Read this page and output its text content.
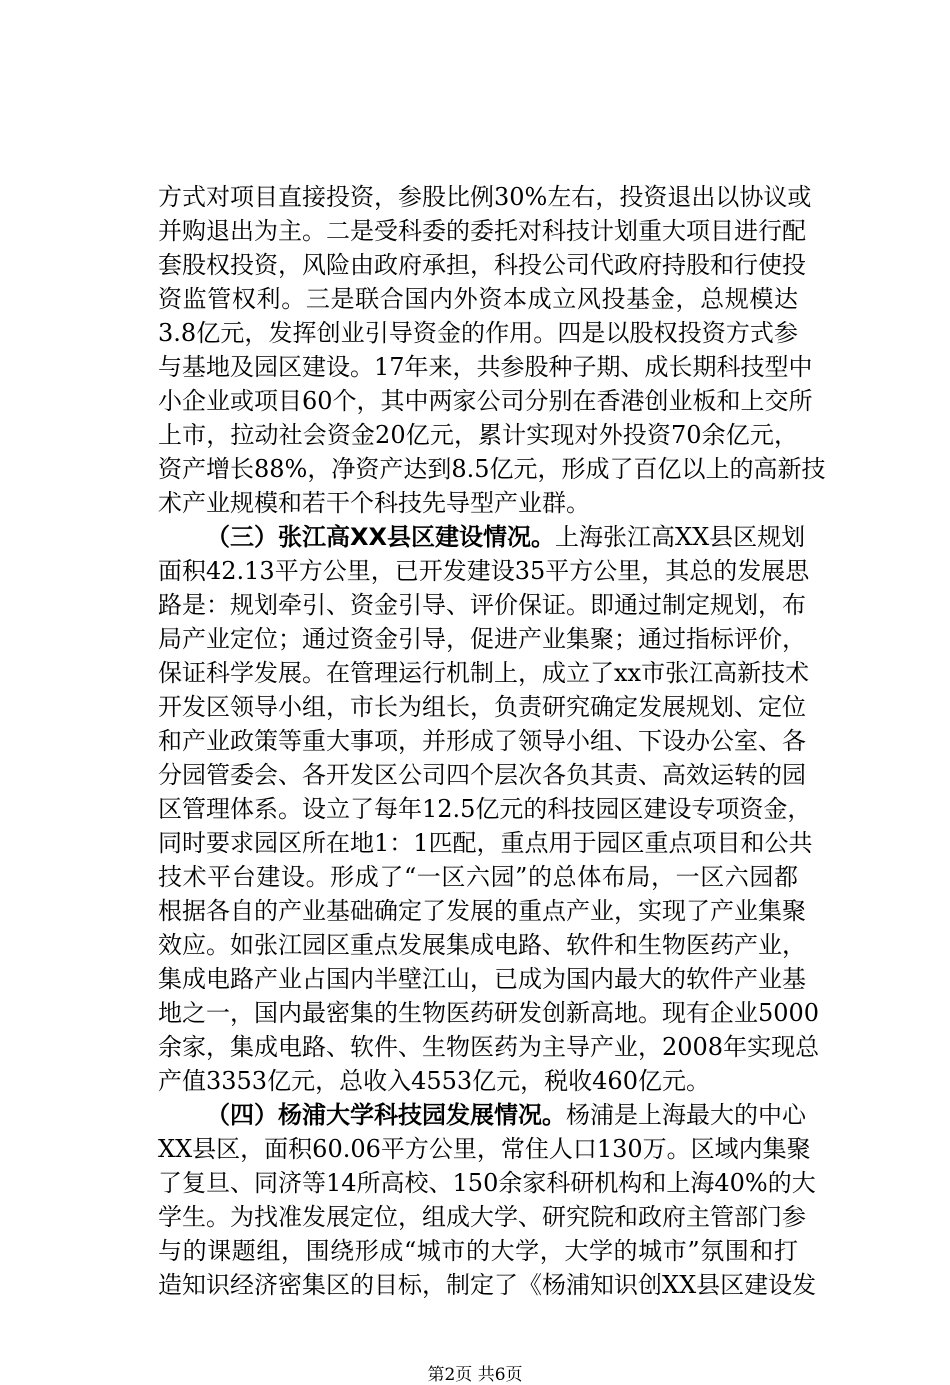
方式对项目直接投资，参股比例30%左右，投资退出以协议或
并购退出为主。二是受科委的委托对科技计划重大项目进行配
套股权投资，风险由政府承担，科投公司代政府持股和行使投
资监管权利。三是联合国内外资本成立风投基金，总规模达
3.8亿元，发挥创业引导资金的作用。四是以股权投资方式参
与基地及园区建设。17年来，共参股种子期、成长期科技型中
小企业或项目60个，其中两家公司分别在香港创业板和上交所
上市，拉动社会资金20亿元，累计实现对外投资70余亿元，
资产增长88%，净资产达到8.5亿元，形成了百亿以上的高新技
术产业规模和若干个科技先导型产业群。
（三）张江高XX县区建设情况。上海张江高XX县区规划
面积42.13平方公里，已开发建设35平方公里，其总的发展思
路是：规划牵引、资金引导、评价保证。即通过制定规划，布
局产业定位；通过资金引导，促进产业集聚；通过指标评价，
保证科学发展。在管理运行机制上，成立了xx市张江高新技术
开发区领导小组，市长为组长，负责研究确定发展规划、定位
和产业政策等重大事项，并形成了领导小组、下设办公室、各
分园管委会、各开发区公司四个层次各负其责、高效运转的园
区管理体系。设立了每年12.5亿元的科技园区建设专项资金，
同时要求园区所在地1：1匹配，重点用于园区重点项目和公共
技术平台建设。形成了“一区六园”的总体布局，一区六园都
根据各自的产业基础确定了发展的重点产业，实现了产业集聚
效应。如张江园区重点发展集成电路、软件和生物医药产业，
集成电路产业占国内半壁江山，已成为国内最大的软件产业基
地之一，国内最密集的生物医药研发创新高地。现有企业5000
余家，集成电路、软件、生物医药为主导产业，2008年实现总
产值3353亿元，总收入4553亿元，税收460亿元。
（四）杨浦大学科技园发展情况。杨浦是上海最大的中心
第2页 共6页
XX县区，面积60.06平方公里，常住人口130万。区域内集聚
了复旦、同济等14所高校、150余家科研机构和上海40%的大
学生。为找准发展定位，组成大学、研究院和政府主管部门参
与的课题组，围绕形成“城市的大学，大学的城市”氛围和打
造知识经济密集区的目标，制定了《杨浦知识创XX县区建设发
